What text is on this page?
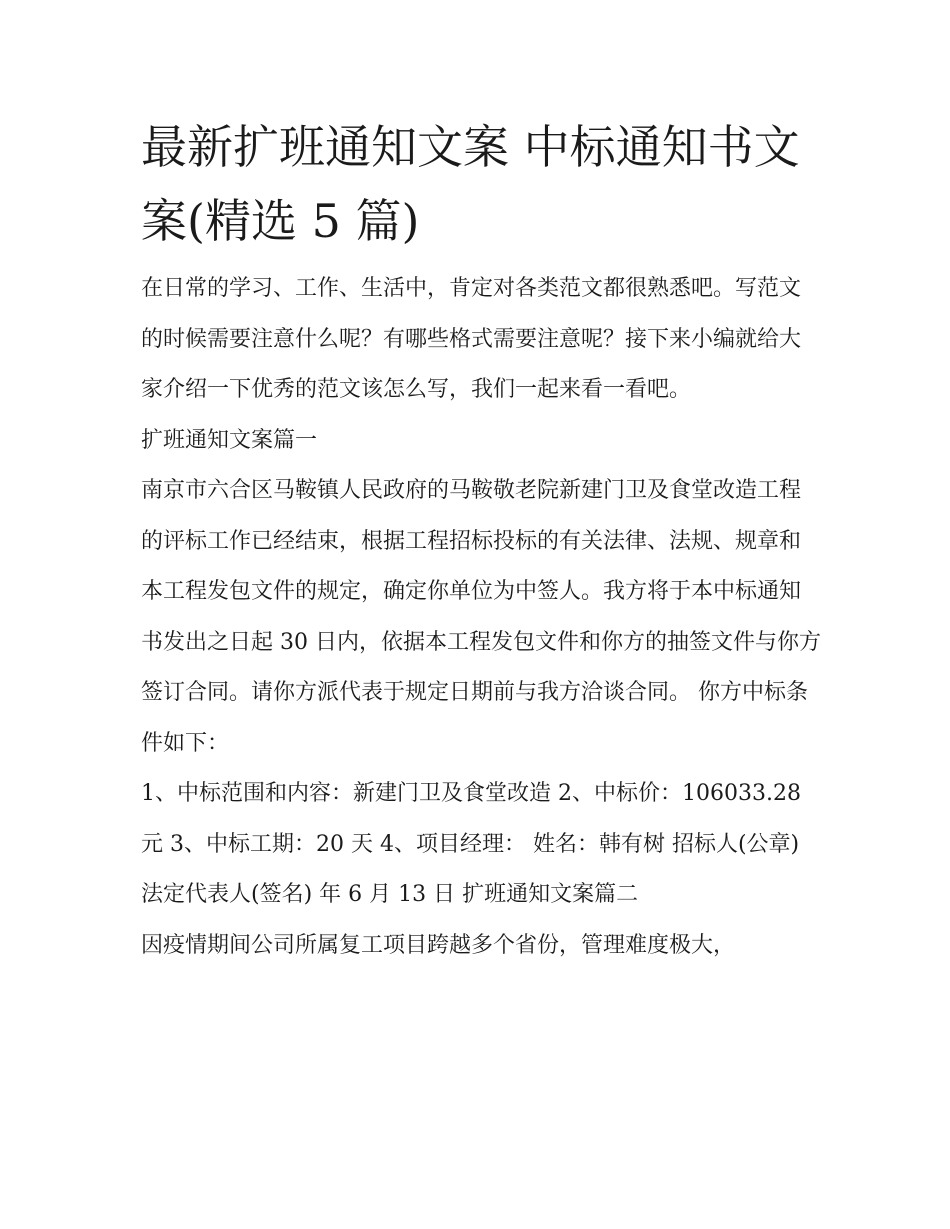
最新扩班通知文案 中标通知书文案(精选 5 篇)

在日常的学习、工作、生活中，肯定对各类范文都很熟悉吧。写范文的时候需要注意什么呢？有哪些格式需要注意呢？接下来小编就给大家介绍一下优秀的范文该怎么写，我们一起来看一看吧。

扩班通知文案篇一

南京市六合区马鞍镇人民政府的马鞍敬老院新建门卫及食堂改造工程的评标工作已经结束，根据工程招标投标的有关法律、法规、规章和本工程发包文件的规定，确定你单位为中签人。我方将于本中标通知书发出之日起 30 日内，依据本工程发包文件和你方的抽签文件与你方签订合同。请你方派代表于规定日期前与我方洽谈合同。 你方中标条件如下：

1、中标范围和内容：新建门卫及食堂改造 2、中标价：106033.28 元 3、中标工期：20 天 4、项目经理： 姓名：韩有树 招标人(公章)

法定代表人(签名) 年 6 月 13 日 扩班通知文案篇二

因疫情期间公司所属复工项目跨越多个省份，管理难度极大，
